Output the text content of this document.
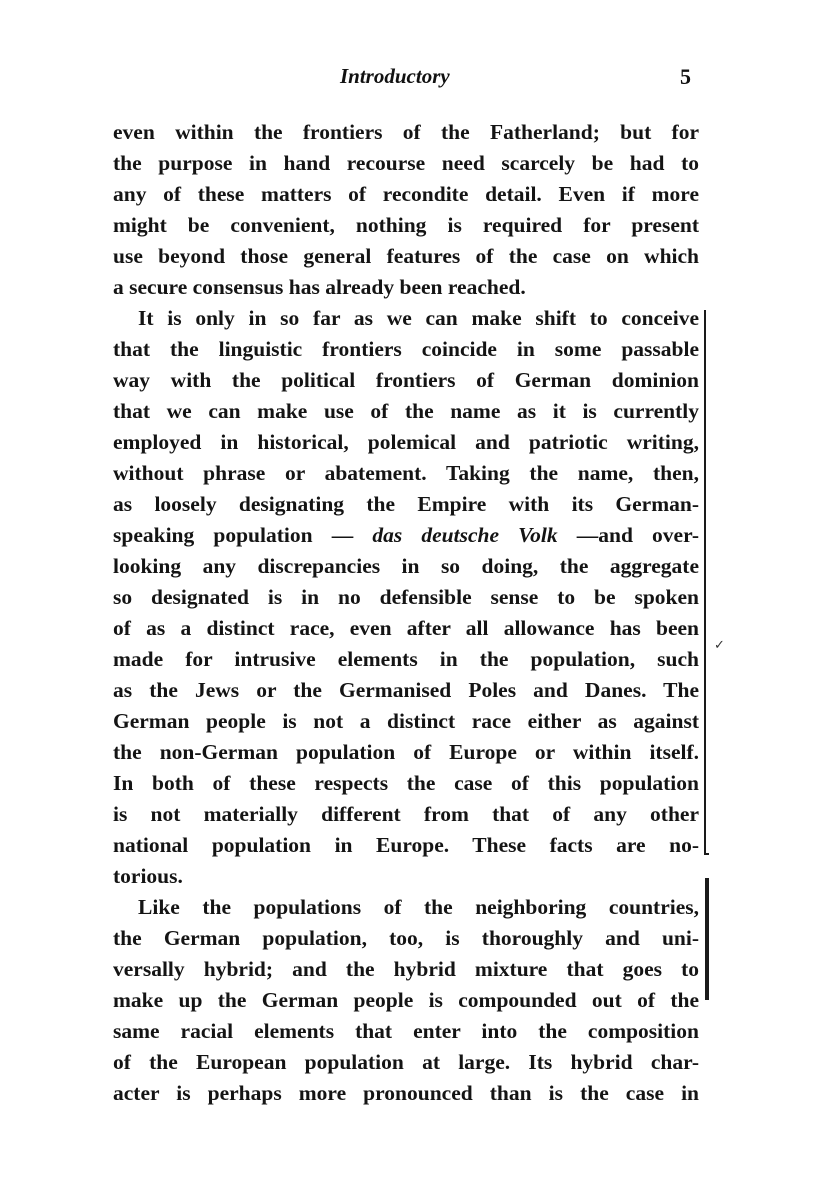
Introductory	5
even within the frontiers of the Fatherland; but for
the purpose in hand recourse need scarcely be had to
any of these matters of recondite detail. Even if more
might be convenient, nothing is required for present
use beyond those general features of the case on which
a secure consensus has already been reached.
It is only in so far as we can make shift to conceive
that the linguistic frontiers coincide in some passable
way with the political frontiers of German dominion
that we can make use of the name as it is currently
employed in historical, polemical and patriotic writing,
without phrase or abatement. Taking the name, then,
as loosely designating the Empire with its German-
speaking population — das deutsche Volk —and over-
looking any discrepancies in so doing, the aggregate
so designated is in no defensible sense to be spoken
of as a distinct race, even after all allowance has been
made for intrusive elements in the population, such
as the Jews or the Germanised Poles and Danes. The
German people is not a distinct race either as against
the non-German population of Europe or within itself.
In both of these respects the case of this population
is not materially different from that of any other
national population in Europe. These facts are no-
torious.
Like the populations of the neighboring countries,
the German population, too, is thoroughly and uni-
versally hybrid; and the hybrid mixture that goes to
make up the German people is compounded out of the
same racial elements that enter into the composition
of the European population at large. Its hybrid char-
acter is perhaps more pronounced than is the case in
✓
